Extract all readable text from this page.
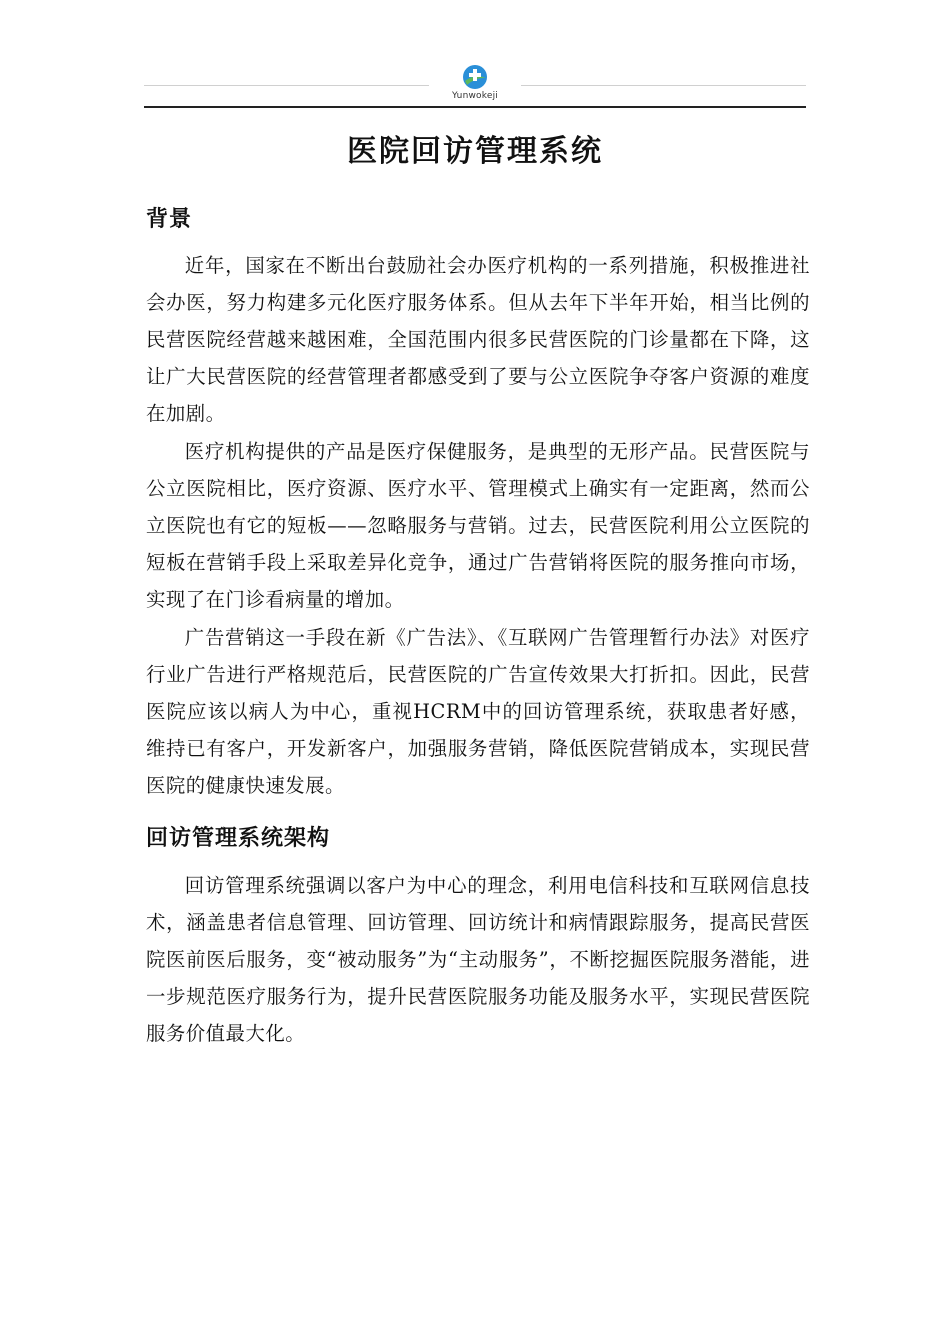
Yunwokeji
医院回访管理系统
背景

近年，国家在不断出台鼓励社会办医疗机构的一系列措施，积极推进社会办医，努力构建多元化医疗服务体系。但从去年下半年开始，相当比例的民营医院经营越来越困难，全国范围内很多民营医院的门诊量都在下降，这让广大民营医院的经营管理者都感受到了要与公立医院争夺客户资源的难度在加剧。

医疗机构提供的产品是医疗保健服务，是典型的无形产品。民营医院与公立医院相比，医疗资源、医疗水平、管理模式上确实有一定距离，然而公立医院也有它的短板——忽略服务与营销。过去，民营医院利用公立医院的短板在营销手段上采取差异化竞争，通过广告营销将医院的服务推向市场，实现了在门诊看病量的增加。

广告营销这一手段在新《广告法》、《互联网广告管理暂行办法》对医疗行业广告进行严格规范后，民营医院的广告宣传效果大打折扣。因此，民营医院应该以病人为中心，重视HCRM中的回访管理系统，获取患者好感，维持已有客户，开发新客户，加强服务营销，降低医院营销成本，实现民营医院的健康快速发展。

回访管理系统架构

回访管理系统强调以客户为中心的理念，利用电信科技和互联网信息技术，涵盖患者信息管理、回访管理、回访统计和病情跟踪服务，提高民营医院医前医后服务，变“被动服务”为“主动服务”，不断挖掘医院服务潜能，进一步规范医疗服务行为，提升民营医院服务功能及服务水平，实现民营医院服务价值最大化。
